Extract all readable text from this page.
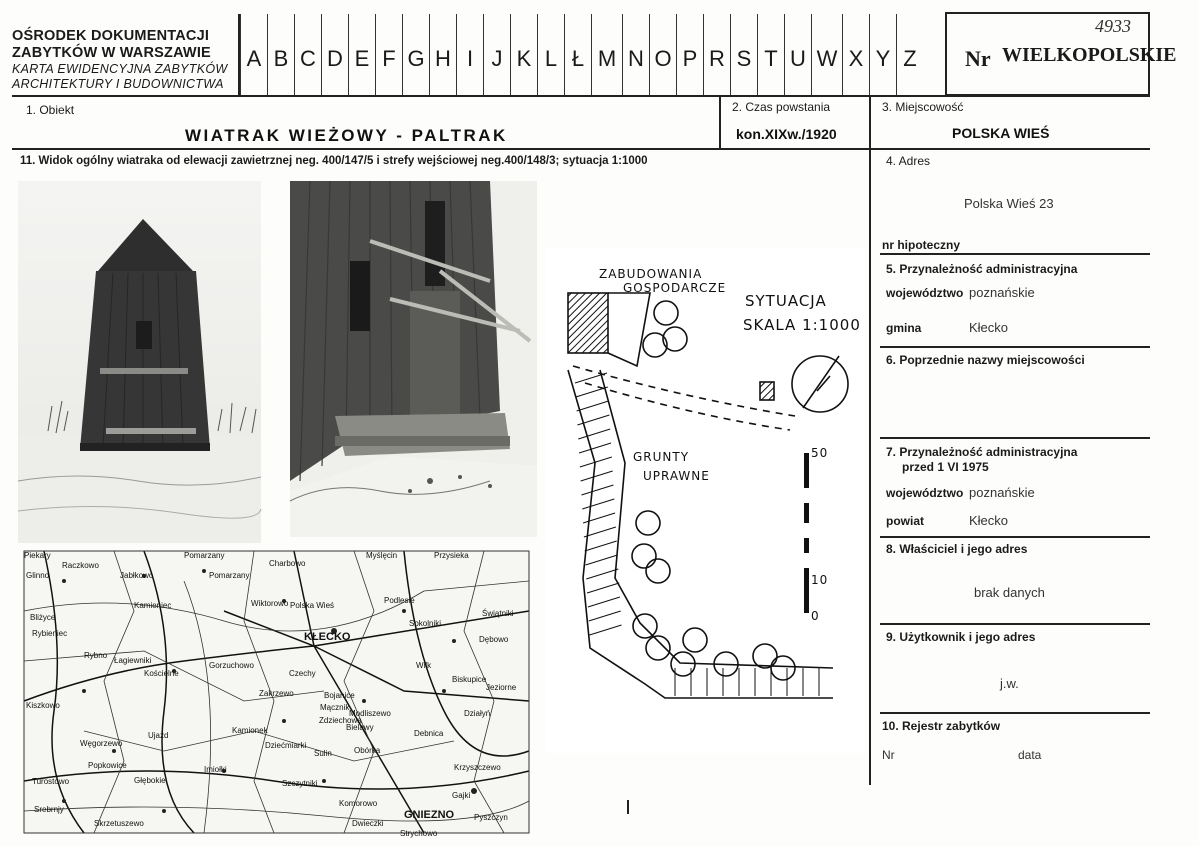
OŚRODEK DOKUMENTACJI
ZABYTKÓW W WARSZAWIE
KARTA EWIDENCYJNA ZABYTKÓW
ARCHITEKTURY I BUDOWNICTWA
A B C D E F G H I J K L Ł M N O P R S T U W X Y Z
4933
Nr WIELKOPOLSKIE
1. Obiekt
WIATRAK WIEŻOWY - PALTRAK
2. Czas powstania
kon.XIXw./1920
3. Miejscowość
POLSKA WIEŚ
4. Adres
Polska Wieś 23
nr hipoteczny
5. Przynależność administracyjna
województwo poznańskie
gmina	Kłecko
6. Poprzednie nazwy miejscowości
7. Przynależność administracyjna
przed 1 VI 1975
województwo poznańskie
powiat	Kłecko
8. Właściciel i jego adres
brak danych
9. Użytkownik i jego adres
j.w.
10. Rejestr zabytków
Nr	data
11. Widok ogólny wiatraka od elewacji zawietrznej neg. 400/147/5 i strefy wejściowej neg.400/148/3; sytuacja 1:1000
Pomarzany
Raczkowo
Jabłkowo
Glinno	Pomarzany
Kamieniec
Bliżyce
Rybieniec
Rybno
Łagiewniki
Kościelne
Kiszkowo
Węgorzewo
Popkowice
Turostowo
Srebrnjy
Skrzetuszewo
Charbowo
Wiktorowo Polska Wieś
KŁECKO
Kamionek
Czechy
Gorzuchowo
Ujazd
Zakrzewo
Dziećmiarki
Sulin
Imiołki
Głębokie	Szczytniki
Komorowo
Dwieczki
Myślęcin	Przysieka
Podlesie
Sokolniki
Świątniki
Dębowo
Wilk
Bojanice
Biskupice
Mącznik
Jeziorne
Modliszewo	Działyń
Zdziechowa
Bielawy
Debnica
Obórka
Krzyszczewo
Gajki
Pyszczyn
GNIEZNO
Strychowo
Piekary
50
10
0
ZABUDOWANIA
GOSPODARCZE
SYTUACJA
SKALA 1:1000
GRUNTY
UPRAWNE
